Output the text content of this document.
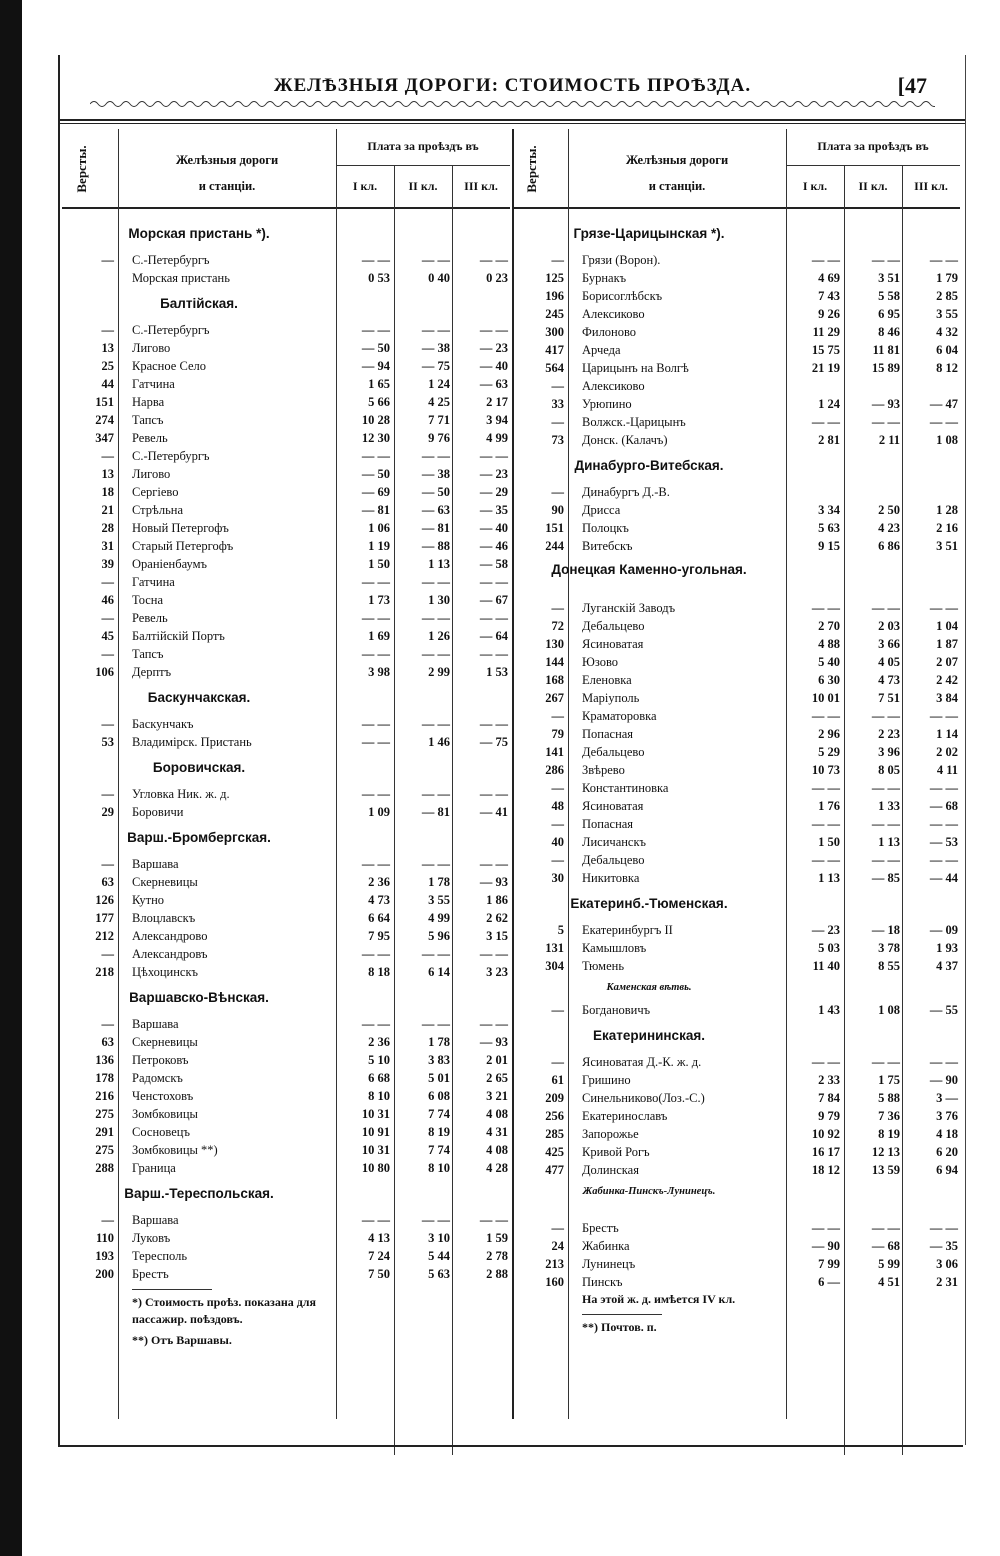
ЖЕЛѢЗНЫЯ ДОРОГИ: СТОИМОСТЬ ПРОѢЗДА.	[47
Версты.	Желѣзныя дороги
и станціи.
Плата за проѣздъ въ
I кл.	II кл.	III кл.
Морская пристань *).
— С.-Петербургъ	— —	— —	— —
Морская пристань	0 53	0 40	0 23
Балтійская.
— С.-Петербургъ	— —	— —	— —
13 Лигово	— 50	— 38	— 23
25 Красное Село	— 94	— 75	— 40
44 Гатчина	1 65	1 24	— 63
151 Нарва	5 66	4 25	2 17
274 Тапсъ	10 28	7 71	3 94
347 Ревель	12 30	9 76	4 99
— С.-Петербургъ	— —	— —	— —
13 Лигово	— 50	— 38	— 23
18 Сергіево	— 69	— 50	— 29
21 Стрѣльна	— 81	— 63	— 35
28 Новый Петергофъ	1 06	— 81	— 40
31 Старый Петергофъ	1 19	— 88	— 46
39 Ораніенбаумъ	1 50	1 13	— 58
— Гатчина	— —	— —	— —
46 Тосна	1 73	1 30	— 67
— Ревель	— —	— —	— —
45 Балтійскій Портъ	1 69	1 26	— 64
— Тапсъ	— —	— —	— —
106 Дерптъ	3 98	2 99	1 53
Баскунчакская.
— Баскунчакъ	— —	— —	— —
53 Владимірск. Пристань	— —	1 46	— 75
Боровичская.
— Угловка Ник. ж. д.	— —	— —	— —
29 Боровичи	1 09	— 81	— 41
Варш.-Бромбергская.
— Варшава	— —	— —	— —
63 Скерневицы	2 36	1 78	— 93
126 Кутно	4 73	3 55	1 86
177 Влоцлавскъ	6 64	4 99	2 62
212 Александрово	7 95	5 96	3 15
— Александровъ	— —	— —	— —
218 Цѣхоцинскъ	8 18	6 14	3 23
Варшавско-Вѣнская.
— Варшава	— —	— —	— —
63 Скерневицы	2 36	1 78	— 93
136 Петроковъ	5 10	3 83	2 01
178 Радомскъ	6 68	5 01	2 65
216 Ченстоховъ	8 10	6 08	3 21
275 Зомбковицы	10 31	7 74	4 08
291 Сосновецъ	10 91	8 19	4 31
275 Зомбковицы **)	10 31	7 74	4 08
288 Граница	10 80	8 10	4 28
Варш.-Тереспольская.
— Варшава	— —	— —	— —
110 Луковъ	4 13	3 10	1 59
193 Тересполь	7 24	5 44	2 78
200 Брестъ	7 50	5 63	2 88
*) Стоимость проѣз. показана для пассажир. поѣздовъ.
**) Отъ Варшавы.
Версты.	Желѣзныя дороги
и станціи.
Плата за проѣздъ въ
I кл.	II кл.	III кл.
Грязе-Царицынская *).
— Грязи (Ворон).	— —	— —	— —
125 Бурнакъ	4 69	3 51	1 79
196 Борисоглѣбскъ	7 43	5 58	2 85
245 Алексиково	9 26	6 95	3 55
300 Филоново	11 29	8 46	4 32
417 Арчеда	15 75	11 81	6 04
564 Царицынъ на Волгѣ	21 19	15 89	8 12
— Алексиково
33 Урюпино	1 24	— 93	— 47
— Волжск.-Царицынъ	— —	— —	— —
73 Донск. (Калачъ)	2 81	2 11	1 08
Динабурго-Витебская.
— Динабургъ Д.-В.
90 Дрисса	3 34	2 50	1 28
151 Полоцкъ	5 63	4 23	2 16
244 Витебскъ	9 15	6 86	3 51
Донецкая Каменно-угольная.
— Луганскій Заводъ	— —	— —	— —
72 Дебальцево	2 70	2 03	1 04
130 Ясиноватая	4 88	3 66	1 87
144 Юзово	5 40	4 05	2 07
168 Еленовка	6 30	4 73	2 42
267 Маріуполь	10 01	7 51	3 84
— Краматоровка	— —	— —	— —
79 Попасная	2 96	2 23	1 14
141 Дебальцево	5 29	3 96	2 02
286 Звѣрево	10 73	8 05	4 11
— Константиновка	— —	— —	— —
48 Ясиноватая	1 76	1 33	— 68
— Попасная	— —	— —	— —
40 Лисичанскъ	1 50	1 13	— 53
— Дебальцево	— —	— —	— —
30 Никитовка	1 13	— 85	— 44
Екатеринб.-Тюменская.
5 Екатеринбургъ II	— 23	— 18	— 09
131 Камышловъ	5 03	3 78	1 93
304 Тюмень	11 40	8 55	4 37
Каменская вѣтвь.
— Богдановичъ	1 43	1 08	— 55
Екатерининская.
— Ясиноватая Д.-К. ж. д.	— —	— —	— —
61 Гришино	2 33	1 75	— 90
209 Синельниково(Лоз.-С.)	7 84	5 88	3 —
256 Екатеринославъ	9 79	7 36	3 76
285 Запорожье	10 92	8 19	4 18
425 Кривой Рогъ	16 17	12 13	6 20
477 Долинская	18 12	13 59	6 94
Жабинка-Пинскъ-Лунинецъ.
— Брестъ	— —	— —	— —
24 Жабинка	— 90	— 68	— 35
213 Лунинецъ	7 99	5 99	3 06
160 Пинскъ	6 —	4 51	2 31
На этой ж. д. имѣется IV кл.
**) Почтов. п.
